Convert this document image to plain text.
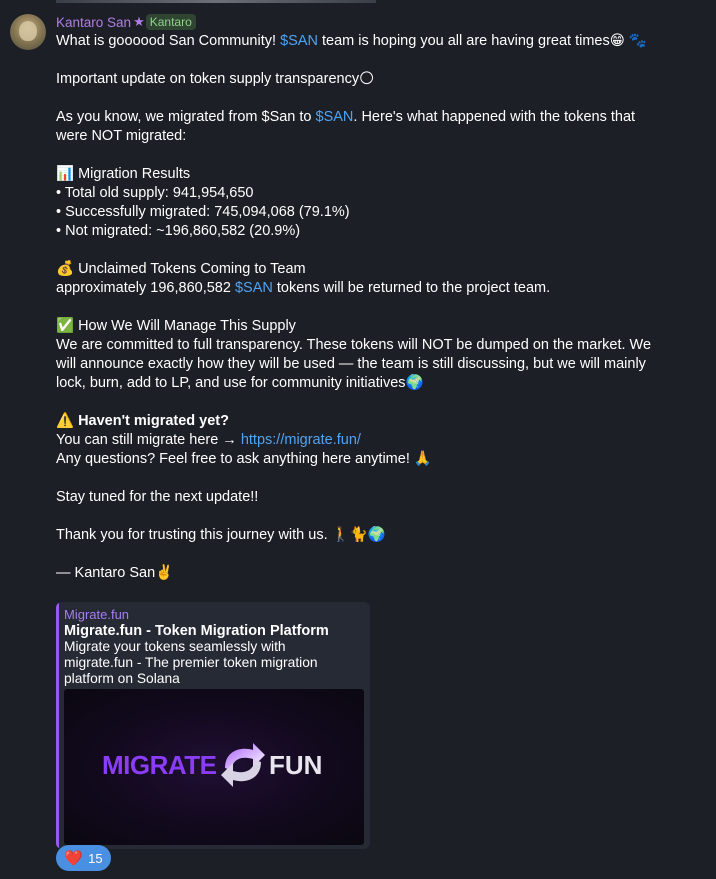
Kantaro San ★ Kantaro
What is goooood San Community! $SAN team is hoping you all are having great times😁 🐾
Important update on token supply transparency🌕
As you know, we migrated from $San to $SAN. Here's what happened with the tokens that
were NOT migrated:
📊 Migration Results
• Total old supply: 941,954,650
• Successfully migrated: 745,094,068 (79.1%)
• Not migrated: ~196,860,582 (20.9%)
💰 Unclaimed Tokens Coming to Team
approximately 196,860,582 $SAN tokens will be returned to the project team.
✅ How We Will Manage This Supply
We are committed to full transparency. These tokens will NOT be dumped on the market. We
will announce exactly how they will be used — the team is still discussing, but we will mainly
lock, burn, add to LP, and use for community initiatives🌍
⚠️ Haven't migrated yet?
You can still migrate here → https://migrate.fun/
Any questions? Feel free to ask anything here anytime! 🙏
Stay tuned for the next update!!
Thank you for trusting this journey with us. 🚶🐈🌍
— Kantaro San✌️
Migrate.fun
Migrate.fun - Token Migration Platform
Migrate your tokens seamlessly with
migrate.fun - The premier token migration
platform on Solana
MIGRATE FUN
❤️ 15
